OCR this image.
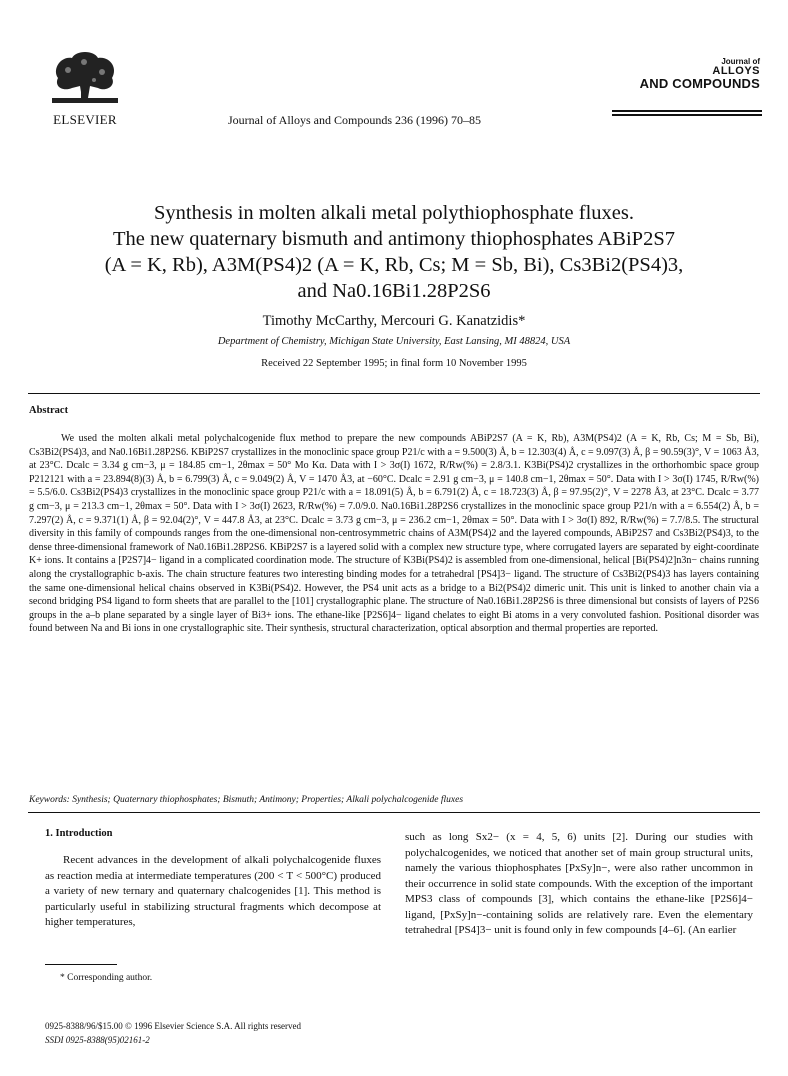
ELSEVIER	Journal of Alloys and Compounds 236 (1996) 70–85
Journal of
ALLOYS
AND COMPOUNDS
Synthesis in molten alkali metal polythiophosphate fluxes.
The new quaternary bismuth and antimony thiophosphates ABiP2S7
(A = K, Rb), A3M(PS4)2 (A = K, Rb, Cs; M = Sb, Bi), Cs3Bi2(PS4)3,
and Na0.16Bi1.28P2S6
Timothy McCarthy, Mercouri G. Kanatzidis*
Department of Chemistry, Michigan State University, East Lansing, MI 48824, USA
Received 22 September 1995; in final form 10 November 1995
Abstract

We used the molten alkali metal polychalcogenide flux method to prepare the new compounds ABiP2S7 (A = K, Rb), A3M(PS4)2 (A = K, Rb, Cs; M = Sb, Bi), Cs3Bi2(PS4)3, and Na0.16Bi1.28P2S6. KBiP2S7 crystallizes in the monoclinic space group P21/c with a = 9.500(3) Å, b = 12.303(4) Å, c = 9.097(3) Å, β = 90.59(3)°, V = 1063 Å3, at 23°C. Dcalc = 3.34 g cm−3, μ = 184.85 cm−1, 2θmax = 50° Mo Kα. Data with I > 3σ(I) 1672, R/Rw(%) = 2.8/3.1. K3Bi(PS4)2 crystallizes in the orthorhombic space group P212121 with a = 23.894(8)(3) Å, b = 6.799(3) Å, c = 9.049(2) Å, V = 1470 Å3, at −60°C. Dcalc = 2.91 g cm−3, μ = 140.8 cm−1, 2θmax = 50°. Data with I > 3σ(I) 1745, R/Rw(%) = 5.5/6.0. Cs3Bi2(PS4)3 crystallizes in the monoclinic space group P21/c with a = 18.091(5) Å, b = 6.791(2) Å, c = 18.723(3) Å, β = 97.95(2)°, V = 2278 Å3, at 23°C. Dcalc = 3.77 g cm−3, μ = 213.3 cm−1, 2θmax = 50°. Data with I > 3σ(I) 2623, R/Rw(%) = 7.0/9.0. Na0.16Bi1.28P2S6 crystallizes in the monoclinic space group P21/n with a = 6.554(2) Å, b = 7.297(2) Å, c = 9.371(1) Å, β = 92.04(2)°, V = 447.8 Å3, at 23°C. Dcalc = 3.73 g cm−3, μ = 236.2 cm−1, 2θmax = 50°. Data with I > 3σ(I) 892, R/Rw(%) = 7.7/8.5. The structural diversity in this family of compounds ranges from the one-dimensional non-centrosymmetric chains of A3M(PS4)2 and the layered compounds, ABiP2S7 and Cs3Bi2(PS4)3, to the dense three-dimensional framework of Na0.16Bi1.28P2S6. KBiP2S7 is a layered solid with a complex new structure type, where corrugated layers are separated by eight-coordinate K+ ions. It contains a [P2S7]4− ligand in a complicated coordination mode. The structure of K3Bi(PS4)2 is assembled from one-dimensional, helical [Bi(PS4)2]n3n− chains running along the crystallographic b-axis. The chain structure features two interesting binding modes for a tetrahedral [PS4]3− ligand. The structure of Cs3Bi2(PS4)3 has layers containing the same one-dimensional helical chains observed in K3Bi(PS4)2. However, the PS4 unit acts as a bridge to a Bi2(PS4)2 dimeric unit. This unit is linked to another chain via a second bridging PS4 ligand to form sheets that are parallel to the [101] crystallographic plane. The structure of Na0.16Bi1.28P2S6 is three dimensional but consists of layers of P2S6 groups in the a–b plane separated by a single layer of Bi3+ ions. The ethane-like [P2S6]4− ligand chelates to eight Bi atoms in a very convoluted fashion. Positional disorder was found between Na and Bi ions in one crystallographic site. Their synthesis, structural characterization, optical absorption and thermal properties are reported.

Keywords: Synthesis; Quaternary thiophosphates; Bismuth; Antimony; Properties; Alkali polychalcogenide fluxes
1. Introduction

Recent advances in the development of alkali polychalcogenide fluxes as reaction media at intermediate temperatures (200 < T < 500°C) produced a variety of new ternary and quaternary chalcogenides [1]. This method is particularly useful in stabilizing structural fragments which decompose at higher temperatures,

such as long Sx2− (x = 4, 5, 6) units [2]. During our studies with polychalcogenides, we noticed that another set of main group structural units, namely the various thiophosphates [PxSy]n−, were also rather uncommon in their occurrence in solid state compounds. With the exception of the important MPS3 class of compounds [3], which contains the ethane-like [P2S6]4− ligand, [PxSy]n−-containing solids are relatively rare. Even the elementary tetrahedral [PS4]3− unit is found only in few compounds [4–6]. (An earlier

* Corresponding author.
0925-8388/96/$15.00 © 1996 Elsevier Science S.A. All rights reserved
SSDI 0925-8388(95)02161-2
